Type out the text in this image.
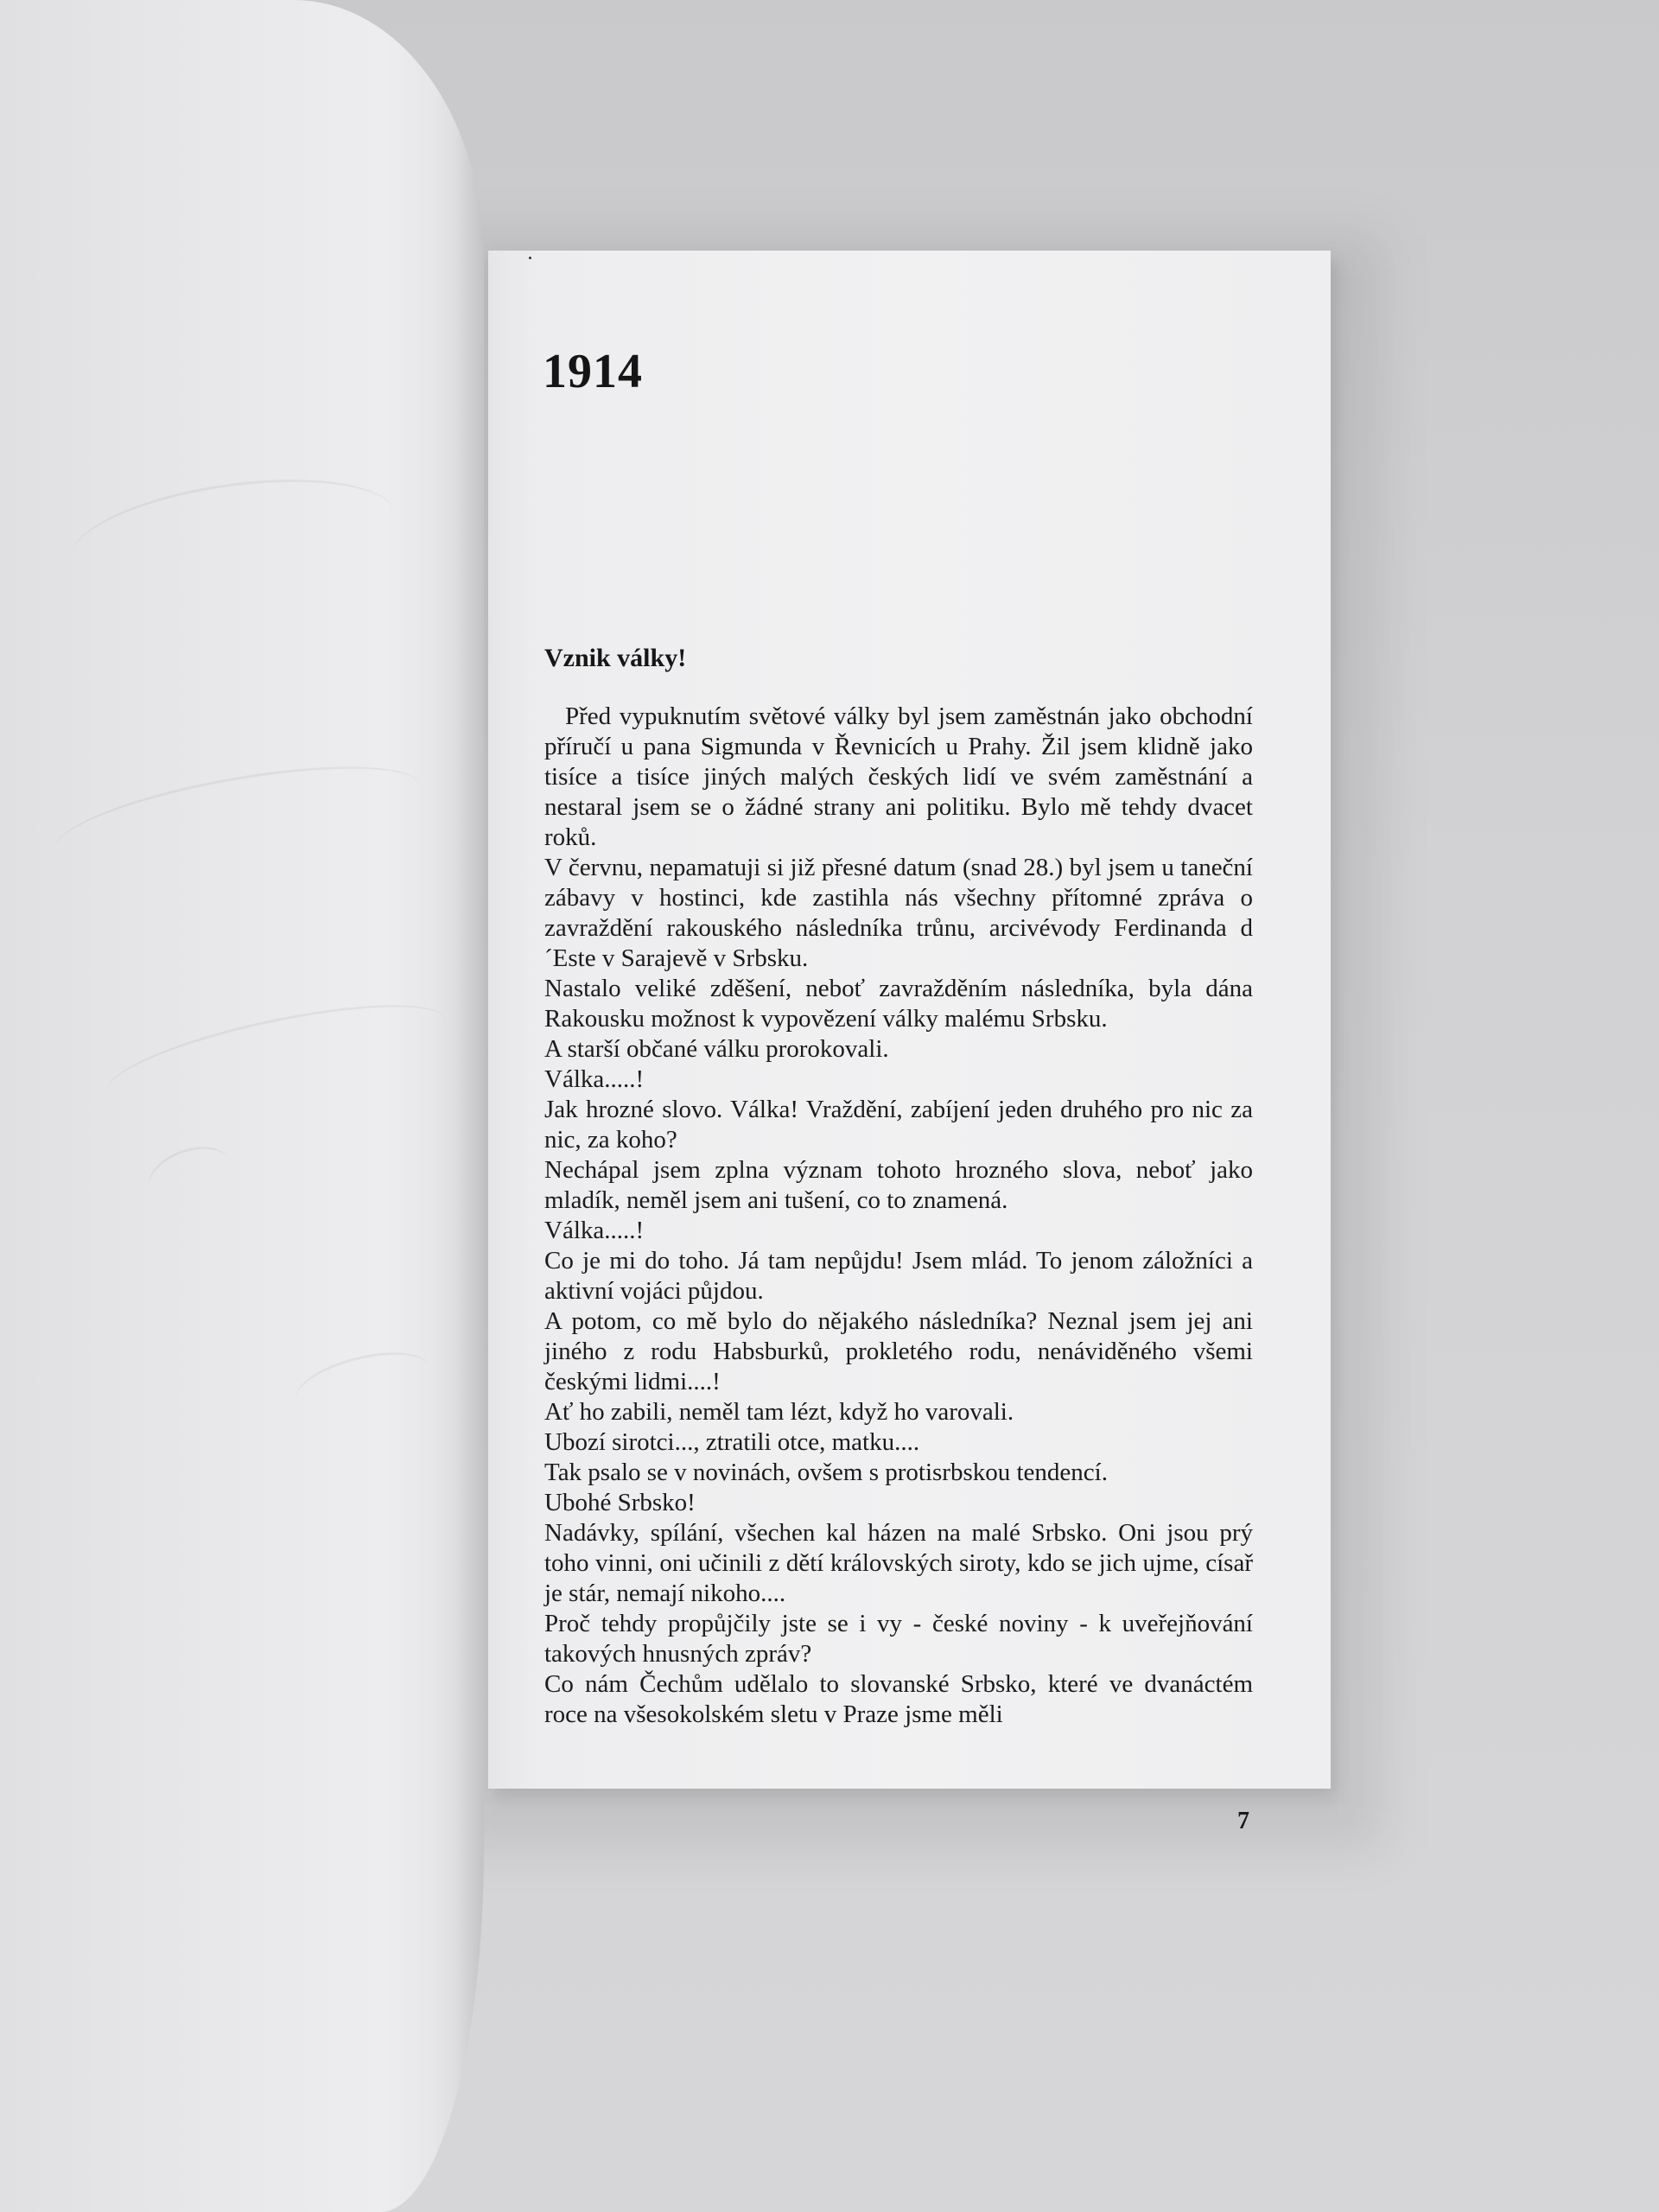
1914
Vznik války!
Před vypuknutím světové války byl jsem zaměstnán jako obchodní příručí u pana Sigmunda v Řevnicích u Prahy. Žil jsem klidně jako tisíce a tisíce jiných malých českých lidí ve svém zaměstnání a nestaral jsem se o žádné strany ani politiku. Bylo mě tehdy dvacet roků.
V červnu, nepamatuji si již přesné datum (snad 28.) byl jsem u taneční zábavy v hostinci, kde zastihla nás všechny přítomné zpráva o zavraždění rakouského následníka trůnu, arcivévody Ferdinanda d´Este v Sarajevě v Srbsku.
Nastalo veliké zděšení, neboť zavražděním následníka, byla dána Rakousku možnost k vypovězení války malému Srbsku.
A starší občané válku prorokovali.
Válka.....!
Jak hrozné slovo. Válka! Vraždění, zabíjení jeden druhého pro nic za nic, za koho?
Nechápal jsem zplna význam tohoto hrozného slova, neboť jako mladík, neměl jsem ani tušení, co to znamená.
Válka.....!
Co je mi do toho. Já tam nepůjdu! Jsem mlád. To jenom záložníci a aktivní vojáci půjdou.
A potom, co mě bylo do nějakého následníka? Neznal jsem jej ani jiného z rodu Habsburků, prokletého rodu, nenáviděného všemi českými lidmi....!
Ať ho zabili, neměl tam lézt, když ho varovali.
Ubozí sirotci..., ztratili otce, matku....
Tak psalo se v novinách, ovšem s protisrbskou tendencí.
Ubohé Srbsko!
Nadávky, spílání, všechen kal házen na malé Srbsko. Oni jsou prý toho vinni, oni učinili z dětí královských siroty, kdo se jich ujme, císař je stár, nemají nikoho....
Proč tehdy propůjčily jste se i vy - české noviny - k uveřejňování takových hnusných zpráv?
Co nám Čechům udělalo to slovanské Srbsko, které ve dvanáctém roce na všesokolském sletu v Praze jsme měli
7
